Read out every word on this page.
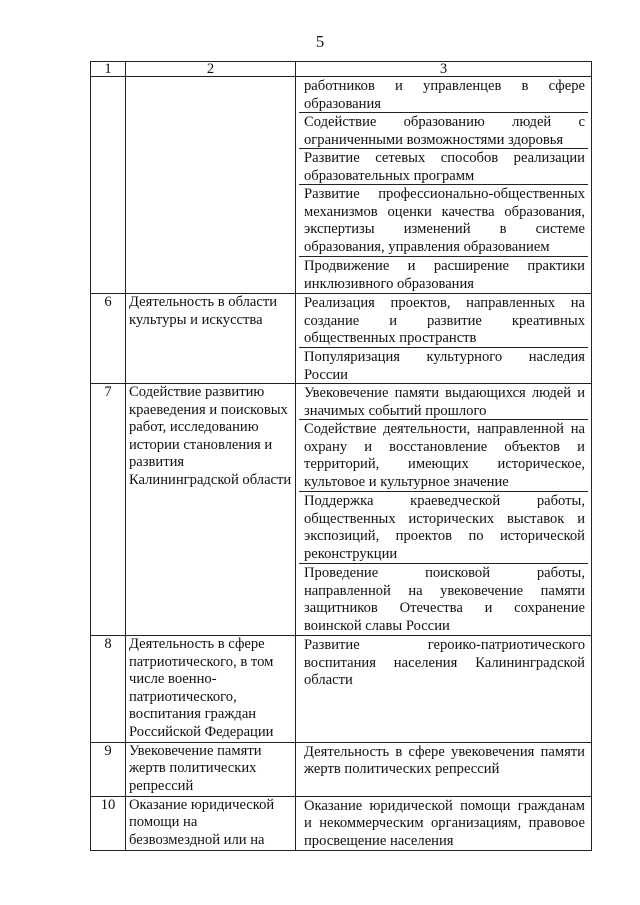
5
1	2	3

		работников и управленцев в сфере образования
Содействие образованию людей с ограниченными возможностями здоровья
Развитие сетевых способов реализации образовательных программ
Развитие профессионально-общественных механизмов оценки качества образования, экспертизы изменений в системе образования, управления образованием
Продвижение и расширение практики инклюзивного образования

6	Деятельность в области культуры и искусства	Реализация проектов, направленных на создание и развитие креативных общественных пространств
Популяризация культурного наследия России

7	Содействие развитию краеведения и поисковых работ, исследованию истории становления и развития Калининградской области	Увековечение памяти выдающихся людей и значимых событий прошлого
Содействие деятельности, направленной на охрану и восстановление объектов и территорий, имеющих историческое, культовое и культурное значение
Поддержка краеведческой работы, общественных исторических выставок и экспозиций, проектов по исторической реконструкции
Проведение поисковой работы, направленной на увековечение памяти защитников Отечества и сохранение воинской славы России

8	Деятельность в сфере патриотического, в том числе военно-патриотического, воспитания граждан Российской Федерации	Развитие героико-патриотического воспитания населения Калининградской области

9	Увековечение памяти жертв политических репрессий	Деятельность в сфере увековечения памяти жертв политических репрессий

10	Оказание юридической помощи на безвозмездной или на	Оказание юридической помощи гражданам и некоммерческим организациям, правовое просвещение населения
